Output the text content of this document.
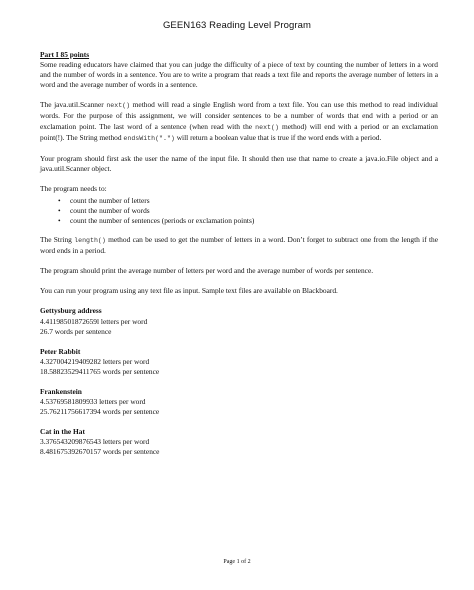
GEEN163 Reading Level Program

Part I 85 points

Some reading educators have claimed that you can judge the difficulty of a piece of text by counting the number of letters in a word and the number of words in a sentence. You are to write a program that reads a text file and reports the average number of letters in a word and the average number of words in a sentence.

The java.util.Scanner next() method will read a single English word from a text file. You can use this method to read individual words. For the purpose of this assignment, we will consider sentences to be a number of words that end with a period or an exclamation point. The last word of a sentence (when read with the next() method) will end with a period or an exclamation point(!). The String method endsWith(".") will return a boolean value that is true if the word ends with a period.

Your program should first ask the user the name of the input file. It should then use that name to create a java.io.File object and a java.util.Scanner object.

The program needs to:

• count the number of letters
• count the number of words
• count the number of sentences (periods or exclamation points)

The String length() method can be used to get the number of letters in a word. Don’t forget to subtract one from the length if the word ends in a period.

The program should print the average number of letters per word and the average number of words per sentence.

You can run your program using any text file as input. Sample text files are available on Blackboard.

Gettysburg address
4.41198501872659l letters per word
26.7 words per sentence
Peter Rabbit
4.327004219409282 letters per word
18.58823529411765 words per sentence
Frankenstein
4.53769581809933 letters per word
25.76211756617394 words per sentence
Cat in the Hat
3.376543209876543 letters per word
8.481675392670157 words per sentence
Page 1 of 2
